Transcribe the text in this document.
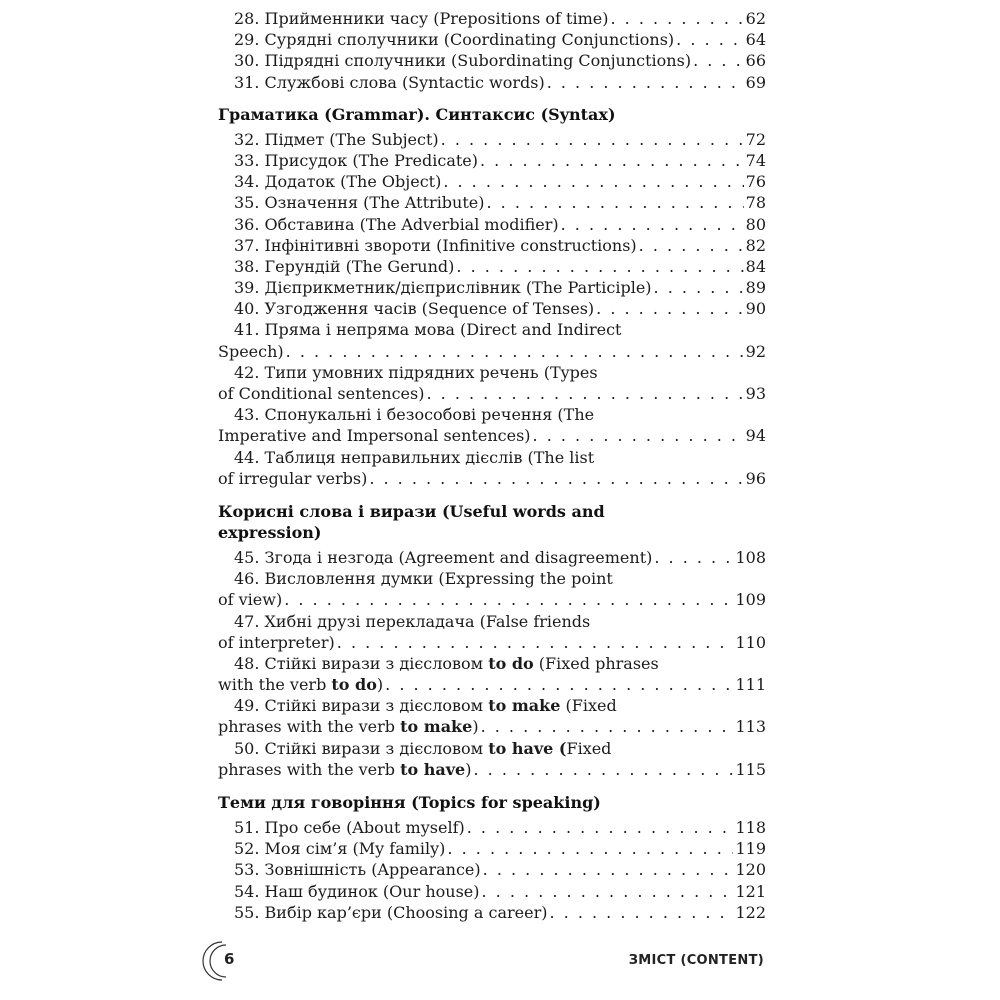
28. Прийменники часу (Prepositions of time) . . .	62
29. Сурядні сполучники (Coordinating Conjunctions) . . .	64
30. Підрядні сполучники (Subordinating Conjunctions) . . .	66
31. Службові слова (Syntactic words) . . .	69
Граматика (Grammar). Синтаксис (Syntax)
32. Підмет (The Subject) . . .	72
33. Присудок (The Predicate) . . .	74
34. Додаток (The Object) . . .	76
35. Означення (The Attribute) . . .	78
36. Обставина (The Adverbial modifier) . . .	80
37. Інфінітивні звороти (Infinitive constructions) . . .	82
38. Герундій (The Gerund) . . .	84
39. Дієприкметник/дієприслівник (The Participle) . . .	89
40. Узгодження часів (Sequence of Tenses) . . .	90
41. Пряма і непряма мова (Direct and Indirect
Speech) . . .	92
42. Типи умовних підрядних речень (Types
of Conditional sentences) . . .	93
43. Спонукальні і безособові речення (The
Imperative and Impersonal sentences) . . .	94
44. Таблиця неправильних дієслів (The list
of irregular verbs) . . .	96
Корисні слова і вирази (Useful words and expression)
45. Згода і незгода (Agreement and disagreement) . . .	108
46. Висловлення думки (Expressing the point
of view) . . .	109
47. Хибні друзі перекладача (False friends
of interpreter) . . .	110
48. Стійкі вирази з дієсловом to do (Fixed phrases
with the verb to do) . . .	111
49. Стійкі вирази з дієсловом to make (Fixed
phrases with the verb to make) . . .	113
50. Стійкі вирази з дієсловом to have (Fixed
phrases with the verb to have) . . .	115
Теми для говоріння (Topics for speaking)
51. Про себе (About myself) . . .	118
52. Моя сім’я (My family) . . .	119
53. Зовнішність (Appearance) . . .	120
54. Наш будинок (Our house) . . .	121
55. Вибір кар’єри (Choosing a career) . . .	122
6	ЗМІСТ (CONTENT)
